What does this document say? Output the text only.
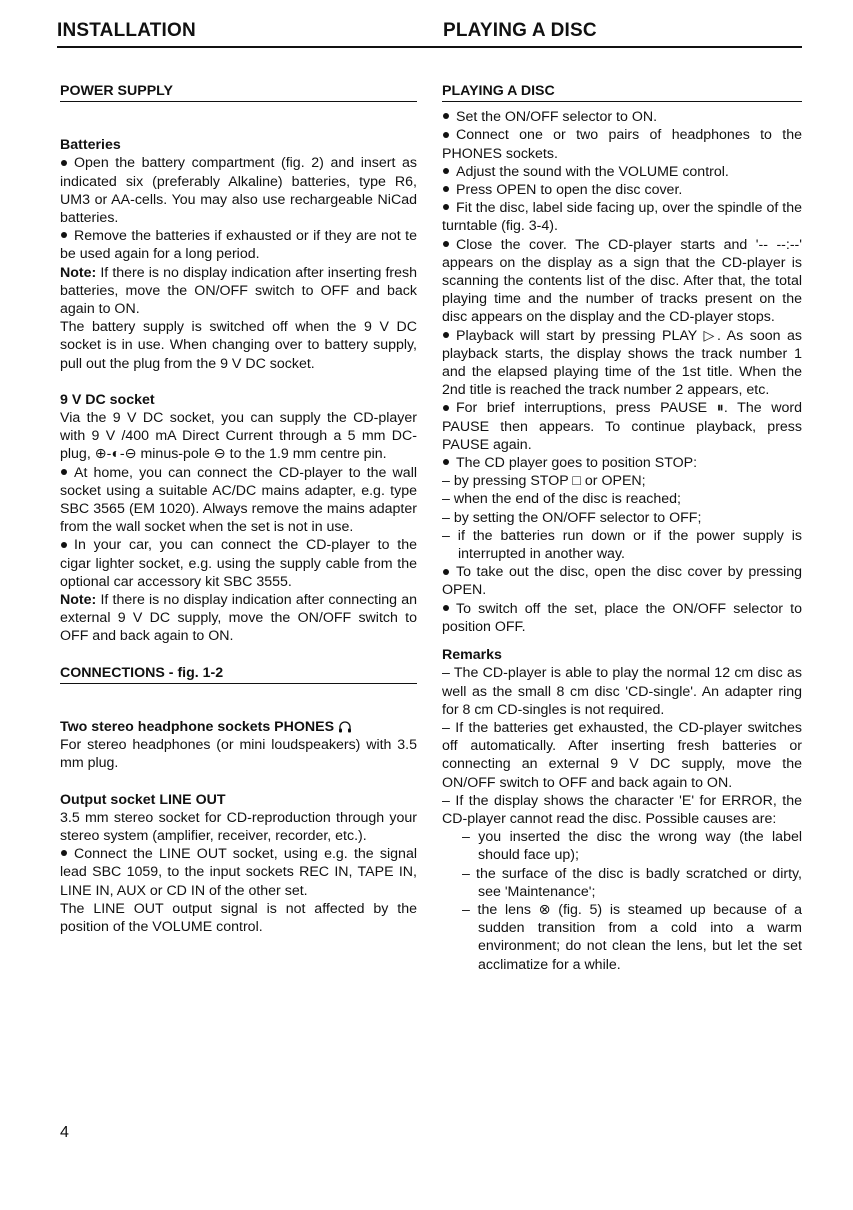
INSTALLATION	PLAYING A DISC
POWER SUPPLY
Batteries

Open the battery compartment (fig. 2) and insert as indicated six (preferably Alkaline) batteries, type R6, UM3 or AA-cells. You may also use rechargeable NiCad batteries.

Remove the batteries if exhausted or if they are not te be used again for a long period.

Note: If there is no display indication after inserting fresh batteries, move the ON/OFF switch to OFF and back again to ON.

The battery supply is switched off when the 9 V DC socket is in use. When changing over to battery supply, pull out the plug from the 9 V DC socket.

9 V DC socket

Via the 9 V DC socket, you can supply the CD-player with 9 V /400 mA Direct Current through a 5 mm DC-plug, ⊕-◐-⊖ minus-pole ⊖ to the 1.9 mm centre pin.

At home, you can connect the CD-player to the wall socket using a suitable AC/DC mains adapter, e.g. type SBC 3565 (EM 1020). Always remove the mains adapter from the wall socket when the set is not in use.

In your car, you can connect the CD-player to the cigar lighter socket, e.g. using the supply cable from the optional car accessory kit SBC 3555.

Note: If there is no display indication after connecting an external 9 V DC supply, move the ON/OFF switch to OFF and back again to ON.

CONNECTIONS - fig. 1-2
Two stereo headphone sockets PHONES

For stereo headphones (or mini loudspeakers) with 3.5 mm plug.

Output socket LINE OUT

3.5 mm stereo socket for CD-reproduction through your stereo system (amplifier, receiver, recorder, etc.).

Connect the LINE OUT socket, using e.g. the signal lead SBC 1059, to the input sockets REC IN, TAPE IN, LINE IN, AUX or CD IN of the other set.

The LINE OUT output signal is not affected by the position of the VOLUME control.

PLAYING A DISC

Set the ON/OFF selector to ON.

Connect one or two pairs of headphones to the PHONES sockets.

Adjust the sound with the VOLUME control.

Press OPEN to open the disc cover.

Fit the disc, label side facing up, over the spindle of the turntable (fig. 3-4).

Close the cover. The CD-player starts and '-- --:--' appears on the display as a sign that the CD-player is scanning the contents list of the disc. After that, the total playing time and the number of tracks present on the disc appears on the display and the CD-player stops.

Playback will start by pressing PLAY ▷. As soon as playback starts, the display shows the track number 1 and the elapsed playing time of the 1st title. When the 2nd title is reached the track number 2 appears, etc.

For brief interruptions, press PAUSE ⏸. The word PAUSE then appears. To continue playback, press PAUSE again.

The CD player goes to position STOP:

– by pressing STOP □ or OPEN;

– when the end of the disc is reached;

– by setting the ON/OFF selector to OFF;

– if the batteries run down or if the power supply is interrupted in another way.

To take out the disc, open the disc cover by pressing OPEN.

To switch off the set, place the ON/OFF selector to position OFF.

Remarks

– The CD-player is able to play the normal 12 cm disc as well as the small 8 cm disc 'CD-single'. An adapter ring for 8 cm CD-singles is not required.

– If the batteries get exhausted, the CD-player switches off automatically. After inserting fresh batteries or connecting an external 9 V DC supply, move the ON/OFF switch to OFF and back again to ON.

– If the display shows the character 'E' for ERROR, the CD-player cannot read the disc. Possible causes are:

– you inserted the disc the wrong way (the label should face up);

– the surface of the disc is badly scratched or dirty, see 'Maintenance';

– the lens ⊗ (fig. 5) is steamed up because of a sudden transition from a cold into a warm environment; do not clean the lens, but let the set acclimatize for a while.

4
